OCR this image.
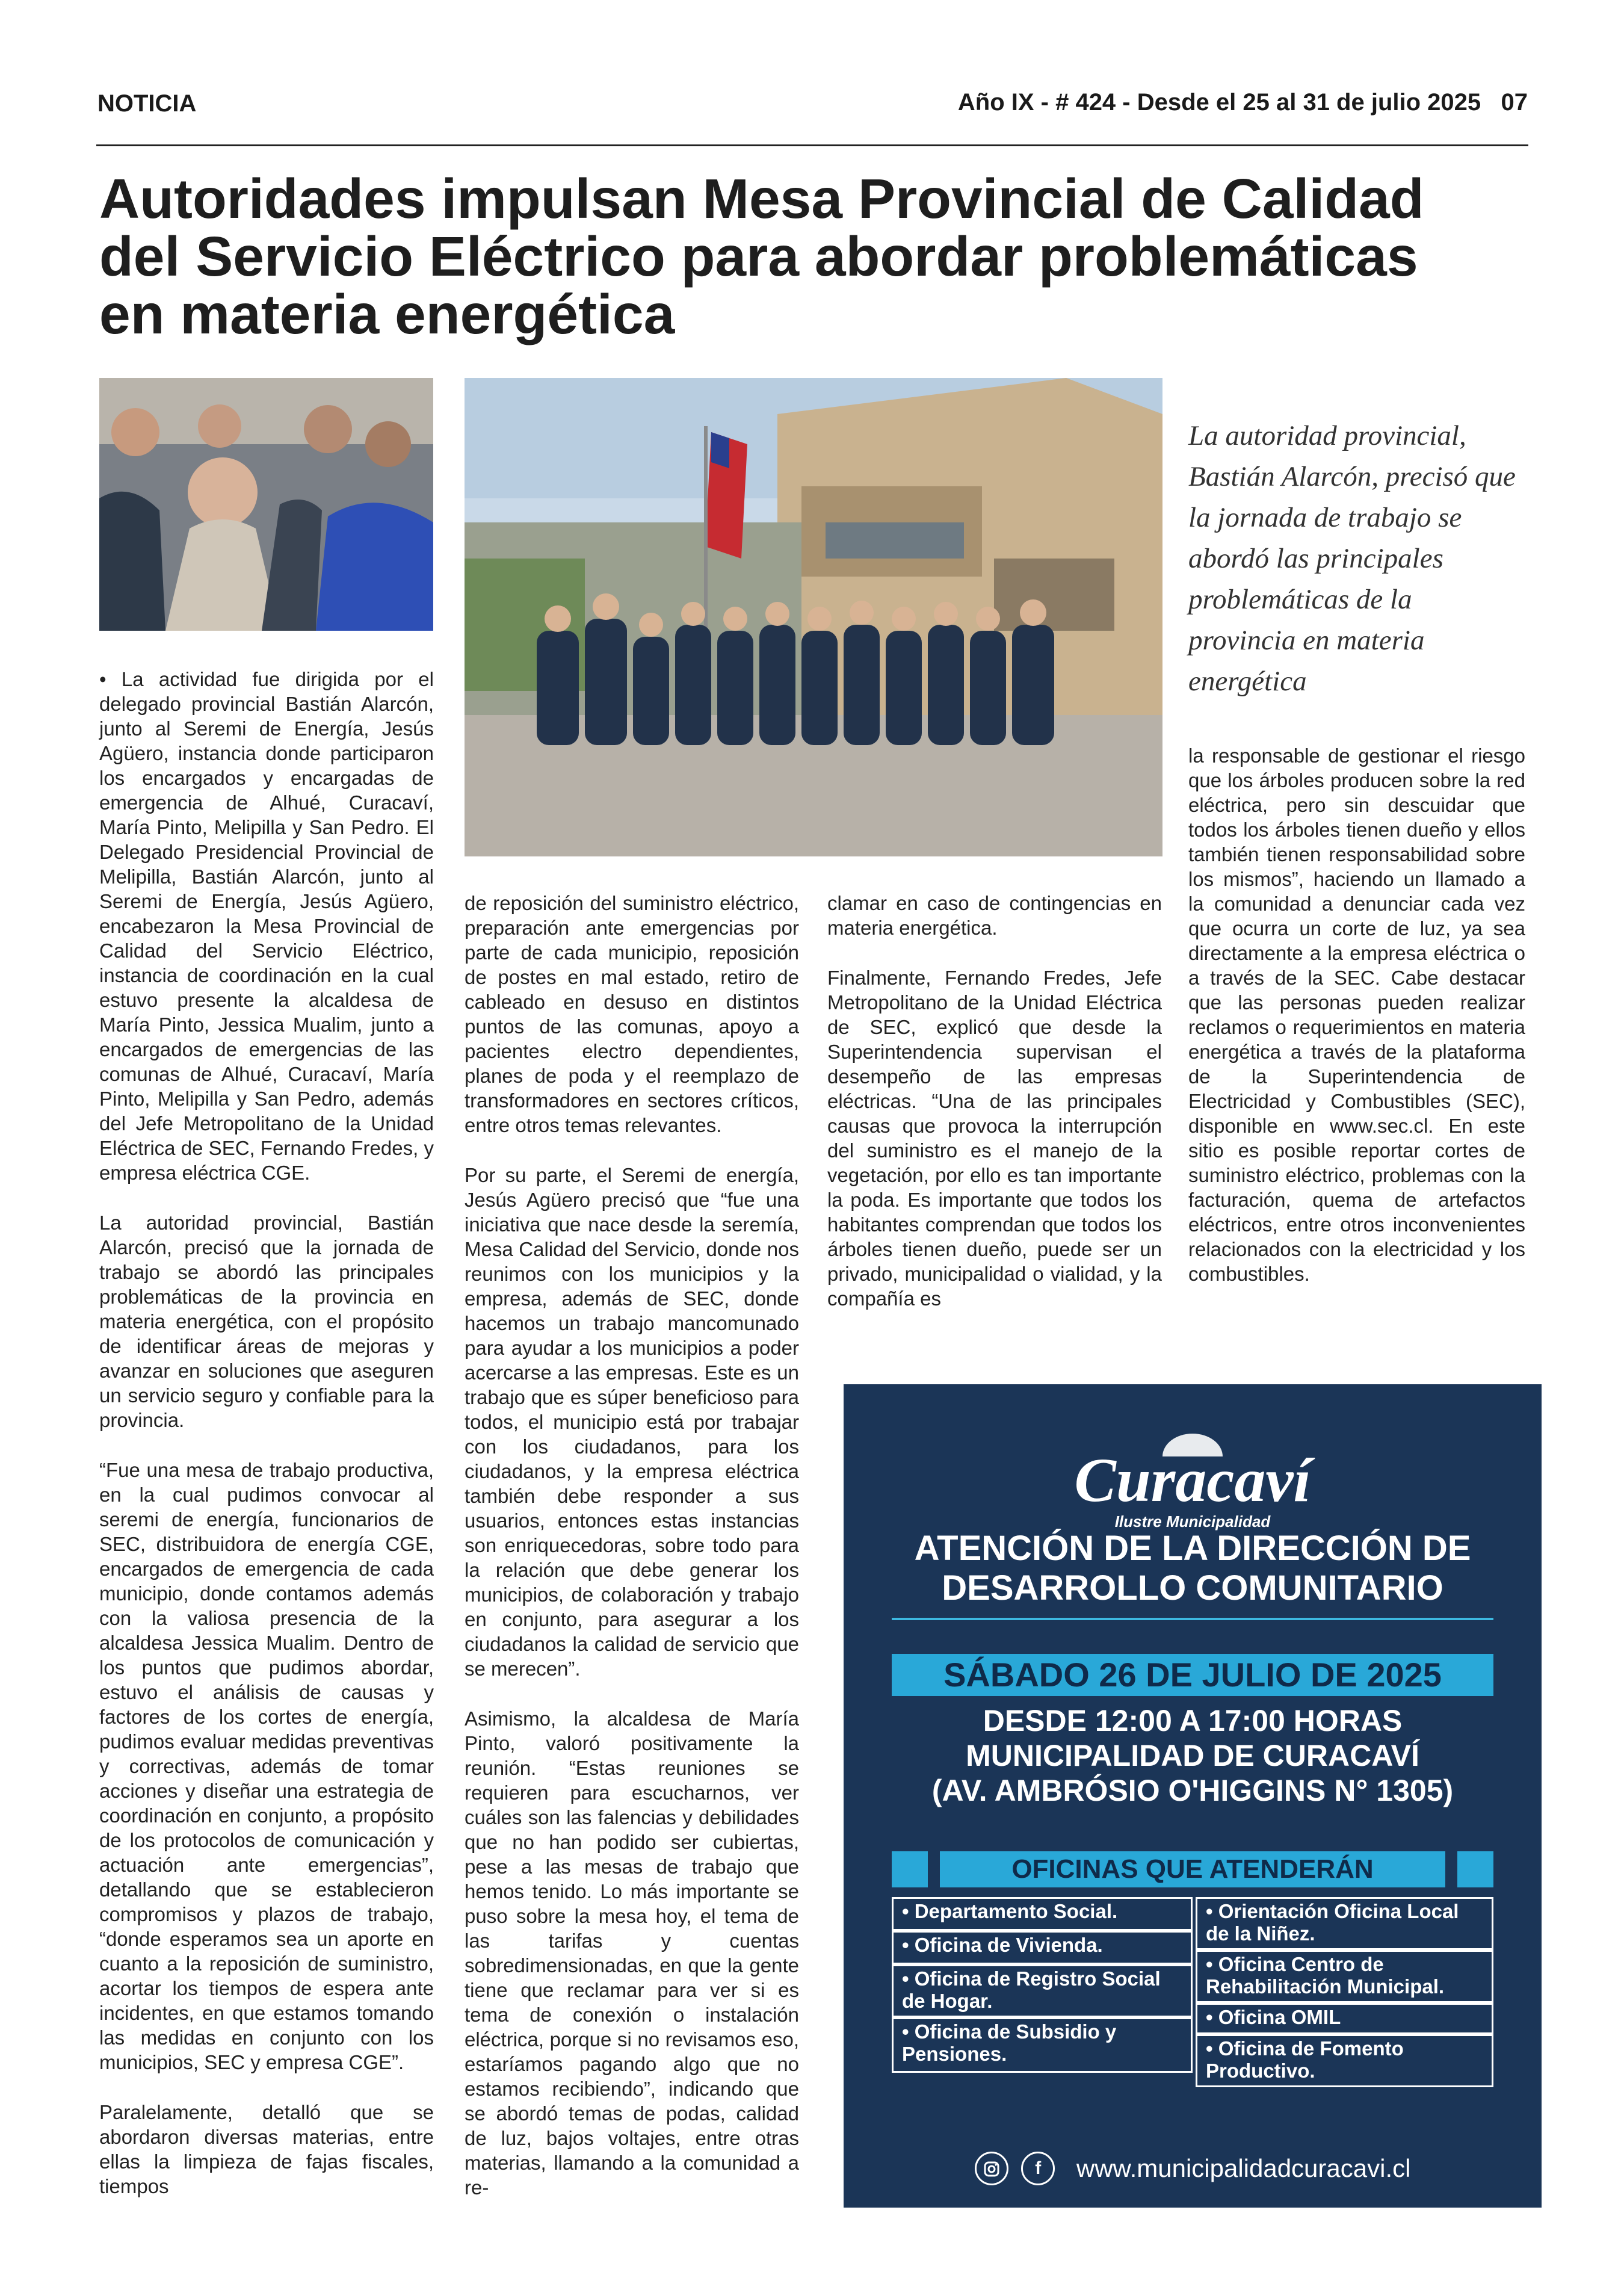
NOTICIA	Año IX - # 424 - Desde el 25 al 31 de julio 2025 07
Autoridades impulsan Mesa Provincial de Calidad
del Servicio Eléctrico para abordar problemáticas
en materia energética
La autoridad provincial, Bastián Alarcón, precisó que la jornada de trabajo se abordó las principales problemáticas de la provincia en materia energética

• La actividad fue dirigida por el delegado provincial Bastián Alarcón, junto al Seremi de Energía, Jesús Agüero, instancia donde participaron los encargados y encargadas de emergencia de Alhué, Curacaví, María Pinto, Melipilla y San Pedro. El Delegado Presidencial Provincial de Melipilla, Bastián Alarcón, junto al Seremi de Energía, Jesús Agüero, encabezaron la Mesa Provincial de Calidad del Servicio Eléctrico, instancia de coordinación en la cual estuvo presente la alcaldesa de María Pinto, Jessica Mualim, junto a encargados de emergencias de las comunas de Alhué, Curacaví, María Pinto, Melipilla y San Pedro, además del Jefe Metropolitano de la Unidad Eléctrica de SEC, Fernando Fredes, y empresa eléctrica CGE.

La autoridad provincial, Bastián Alarcón, precisó que la jornada de trabajo se abordó las principales problemáticas de la provincia en materia energética, con el propósito de identificar áreas de mejoras y avanzar en soluciones que aseguren un servicio seguro y confiable para la provincia.

“Fue una mesa de trabajo productiva, en la cual pudimos convocar al seremi de energía, funcionarios de SEC, distribuidora de energía CGE, encargados de emergencia de cada municipio, donde contamos además con la valiosa presencia de la alcaldesa Jessica Mualim. Dentro de los puntos que pudimos abordar, estuvo el análisis de causas y factores de los cortes de energía, pudimos evaluar medidas preventivas y correctivas, además de tomar acciones y diseñar una estrategia de coordinación en conjunto, a propósito de los protocolos de comunicación y actuación ante emergencias”, detallando que se establecieron compromisos y plazos de trabajo, “donde esperamos sea un aporte en cuanto a la reposición de suministro, acortar los tiempos de espera ante incidentes, en que estamos tomando las medidas en conjunto con los municipios, SEC y empresa CGE”.

Paralelamente, detalló que se abordaron diversas materias, entre ellas la limpieza de fajas fiscales, tiempos

de reposición del suministro eléctrico, preparación ante emergencias por parte de cada municipio, reposición de postes en mal estado, retiro de cableado en desuso en distintos puntos de las comunas, apoyo a pacientes electro dependientes, planes de poda y el reemplazo de transformadores en sectores críticos, entre otros temas relevantes.

Por su parte, el Seremi de energía, Jesús Agüero precisó que “fue una iniciativa que nace desde la seremía, Mesa Calidad del Servicio, donde nos reunimos con los municipios y la empresa, además de SEC, donde hacemos un trabajo mancomunado para ayudar a los municipios a poder acercarse a las empresas. Este es un trabajo que es súper beneficioso para todos, el municipio está por trabajar con los ciudadanos, para los ciudadanos, y la empresa eléctrica también debe responder a sus usuarios, entonces estas instancias son enriquecedoras, sobre todo para la relación que debe generar los municipios, de colaboración y trabajo en conjunto, para asegurar a los ciudadanos la calidad de servicio que se merecen”.

Asimismo, la alcaldesa de María Pinto, valoró positivamente la reunión. “Estas reuniones se requieren para escucharnos, ver cuáles son las falencias y debilidades que no han podido ser cubiertas, pese a las mesas de trabajo que hemos tenido. Lo más importante se puso sobre la mesa hoy, el tema de las tarifas y cuentas sobredimensionadas, en que la gente tiene que reclamar para ver si es tema de conexión o instalación eléctrica, porque si no revisamos eso, estaríamos pagando algo que no estamos recibiendo”, indicando que se abordó temas de podas, calidad de luz, bajos voltajes, entre otras materias, llamando a la comunidad a re-

clamar en caso de contingencias en materia energética.

Finalmente, Fernando Fredes, Jefe Metropolitano de la Unidad Eléctrica de SEC, explicó que desde la Superintendencia supervisan el desempeño de las empresas eléctricas. “Una de las principales causas que provoca la interrupción del suministro es el manejo de la vegetación, por ello es tan importante la poda. Es importante que todos los habitantes comprendan que todos los árboles tienen dueño, puede ser un privado, municipalidad o vialidad, y la compañía es

la responsable de gestionar el riesgo que los árboles producen sobre la red eléctrica, pero sin descuidar que todos los árboles tienen dueño y ellos también tienen responsabilidad sobre los mismos”, haciendo un llamado a la comunidad a denunciar cada vez que ocurra un corte de luz, ya sea directamente a la empresa eléctrica o a través de la SEC. Cabe destacar que las personas pueden realizar reclamos o requerimientos en materia energética a través de la plataforma de la Superintendencia de Electricidad y Combustibles (SEC), disponible en www.sec.cl. En este sitio es posible reportar cortes de suministro eléctrico, problemas con la facturación, quema de artefactos eléctricos, entre otros inconvenientes relacionados con la electricidad y los combustibles.

Curacaví
Ilustre Municipalidad
ATENCIÓN DE LA DIRECCIÓN DE
DESARROLLO COMUNITARIO
SÁBADO 26 DE JULIO DE 2025
DESDE 12:00 A 17:00 HORAS
MUNICIPALIDAD DE CURACAVÍ
(AV. AMBRÓSIO O'HIGGINS N° 1305)
OFICINAS QUE ATENDERÁN
• Departamento Social.
• Oficina de Vivienda.
• Oficina de Registro Social de Hogar.
• Oficina de Subsidio y Pensiones.
• Orientación Oficina Local de la Niñez.
• Oficina Centro de Rehabilitación Municipal.
• Oficina OMIL
• Oficina de Fomento Productivo.
f www.municipalidadcuracavi.cl
